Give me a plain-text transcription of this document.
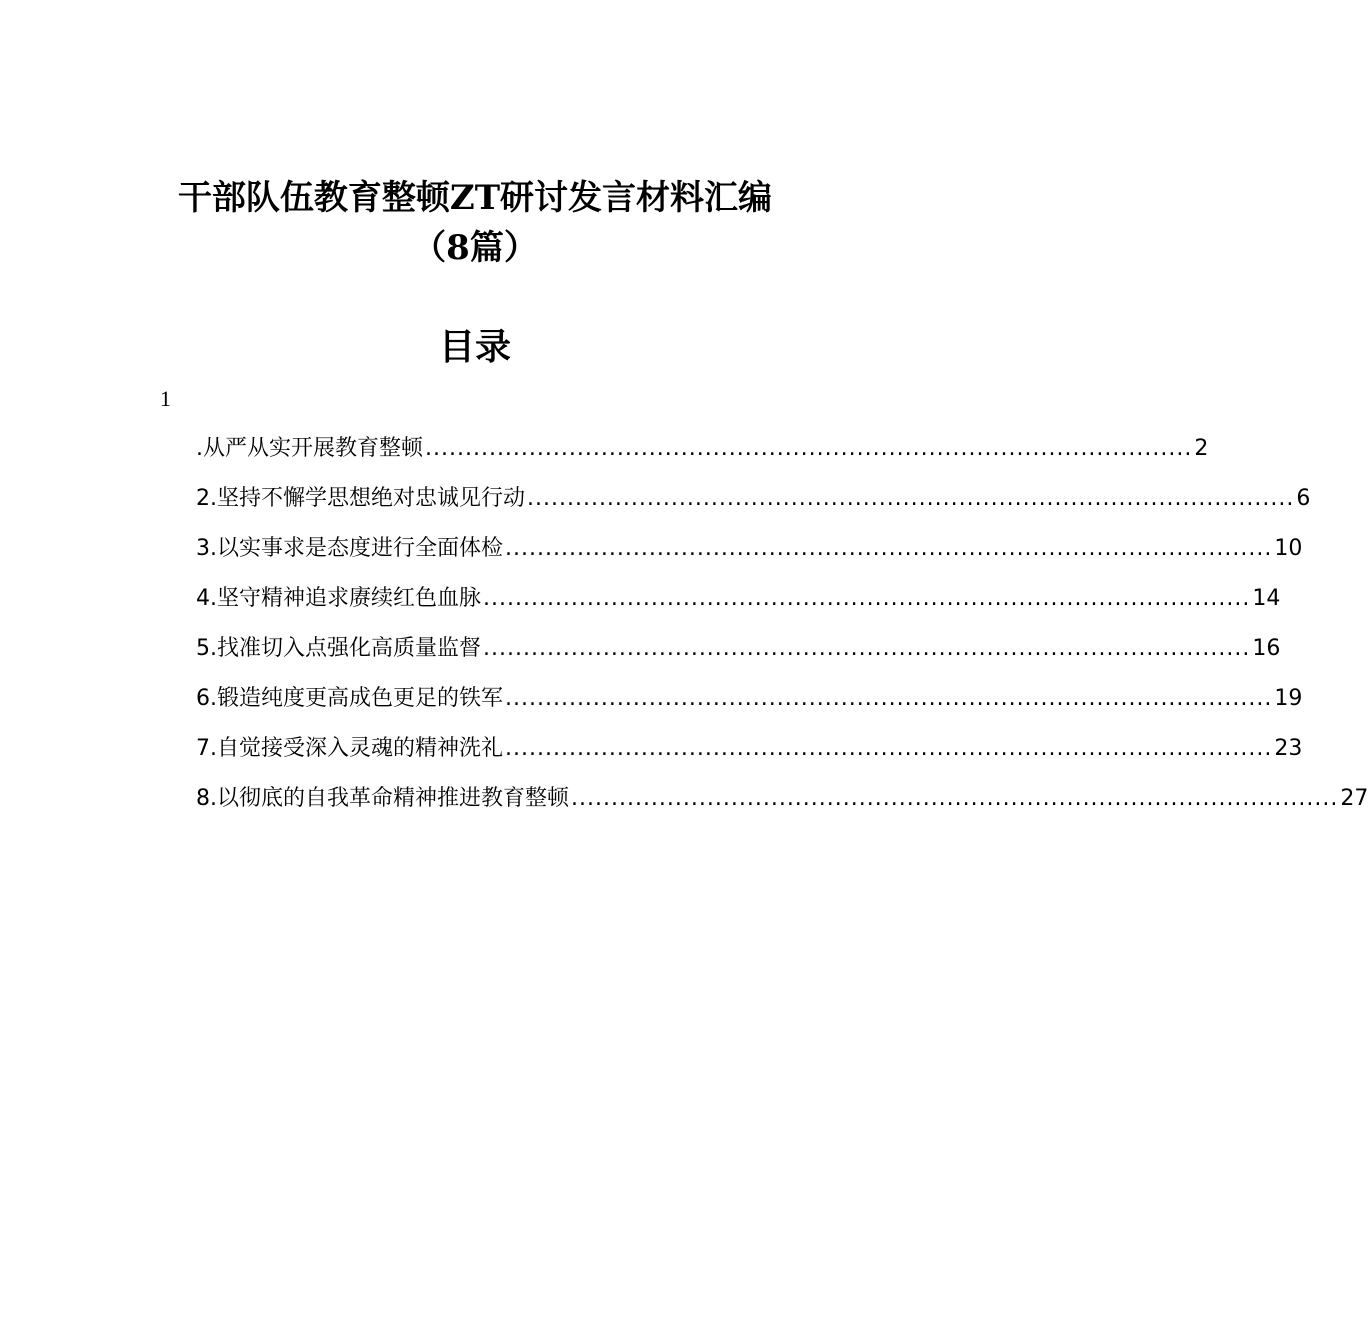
干部队伍教育整顿ZT研讨发言材料汇编
（8篇）
目录
1
.从严从实开展教育整顿 ................................................................................................ 2
2.坚持不懈学思想绝对忠诚见行动 ................................................................................................ 6
3.以实事求是态度进行全面体检 ................................................................................................ 10
4.坚守精神追求赓续红色血脉 ................................................................................................ 14
5.找准切入点强化高质量监督 ................................................................................................ 16
6.锻造纯度更高成色更足的铁军 ................................................................................................ 19
7.自觉接受深入灵魂的精神洗礼 ................................................................................................ 23
8.以彻底的自我革命精神推进教育整顿 ................................................................................................ 27
